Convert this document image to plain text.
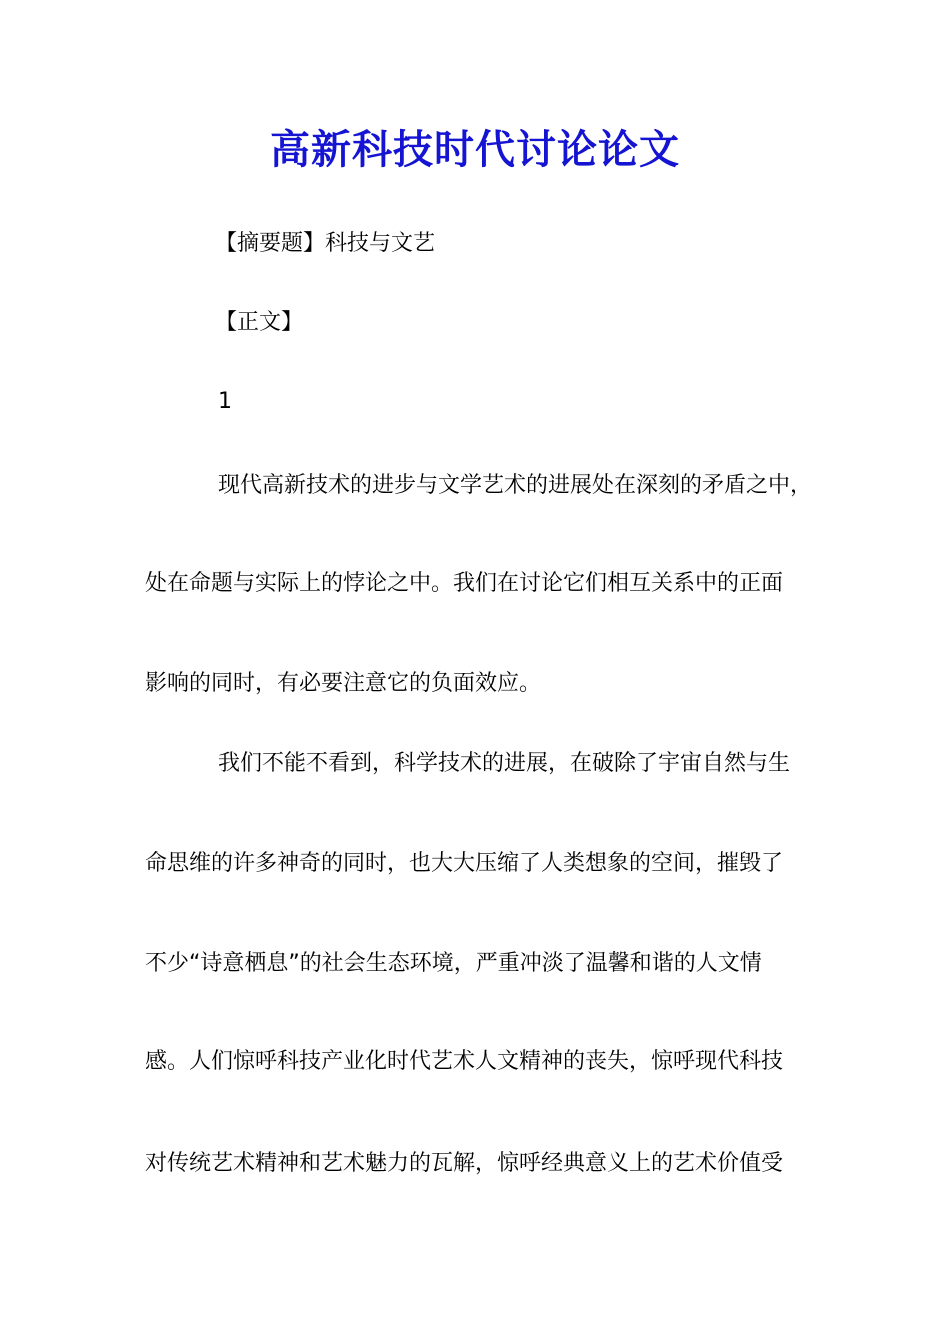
高新科技时代讨论论文

【摘要题】科技与文艺

【正文】

1

现代高新技术的进步与文学艺术的进展处在深刻的矛盾之中，

处在命题与实际上的悖论之中。我们在讨论它们相互关系中的正面

影响的同时，有必要注意它的负面效应。

我们不能不看到，科学技术的进展，在破除了宇宙自然与生

命思维的许多神奇的同时，也大大压缩了人类想象的空间，摧毁了

不少“诗意栖息”的社会生态环境，严重冲淡了温馨和谐的人文情

感。人们惊呼科技产业化时代艺术人文精神的丧失，惊呼现代科技

对传统艺术精神和艺术魅力的瓦解，惊呼经典意义上的艺术价值受
